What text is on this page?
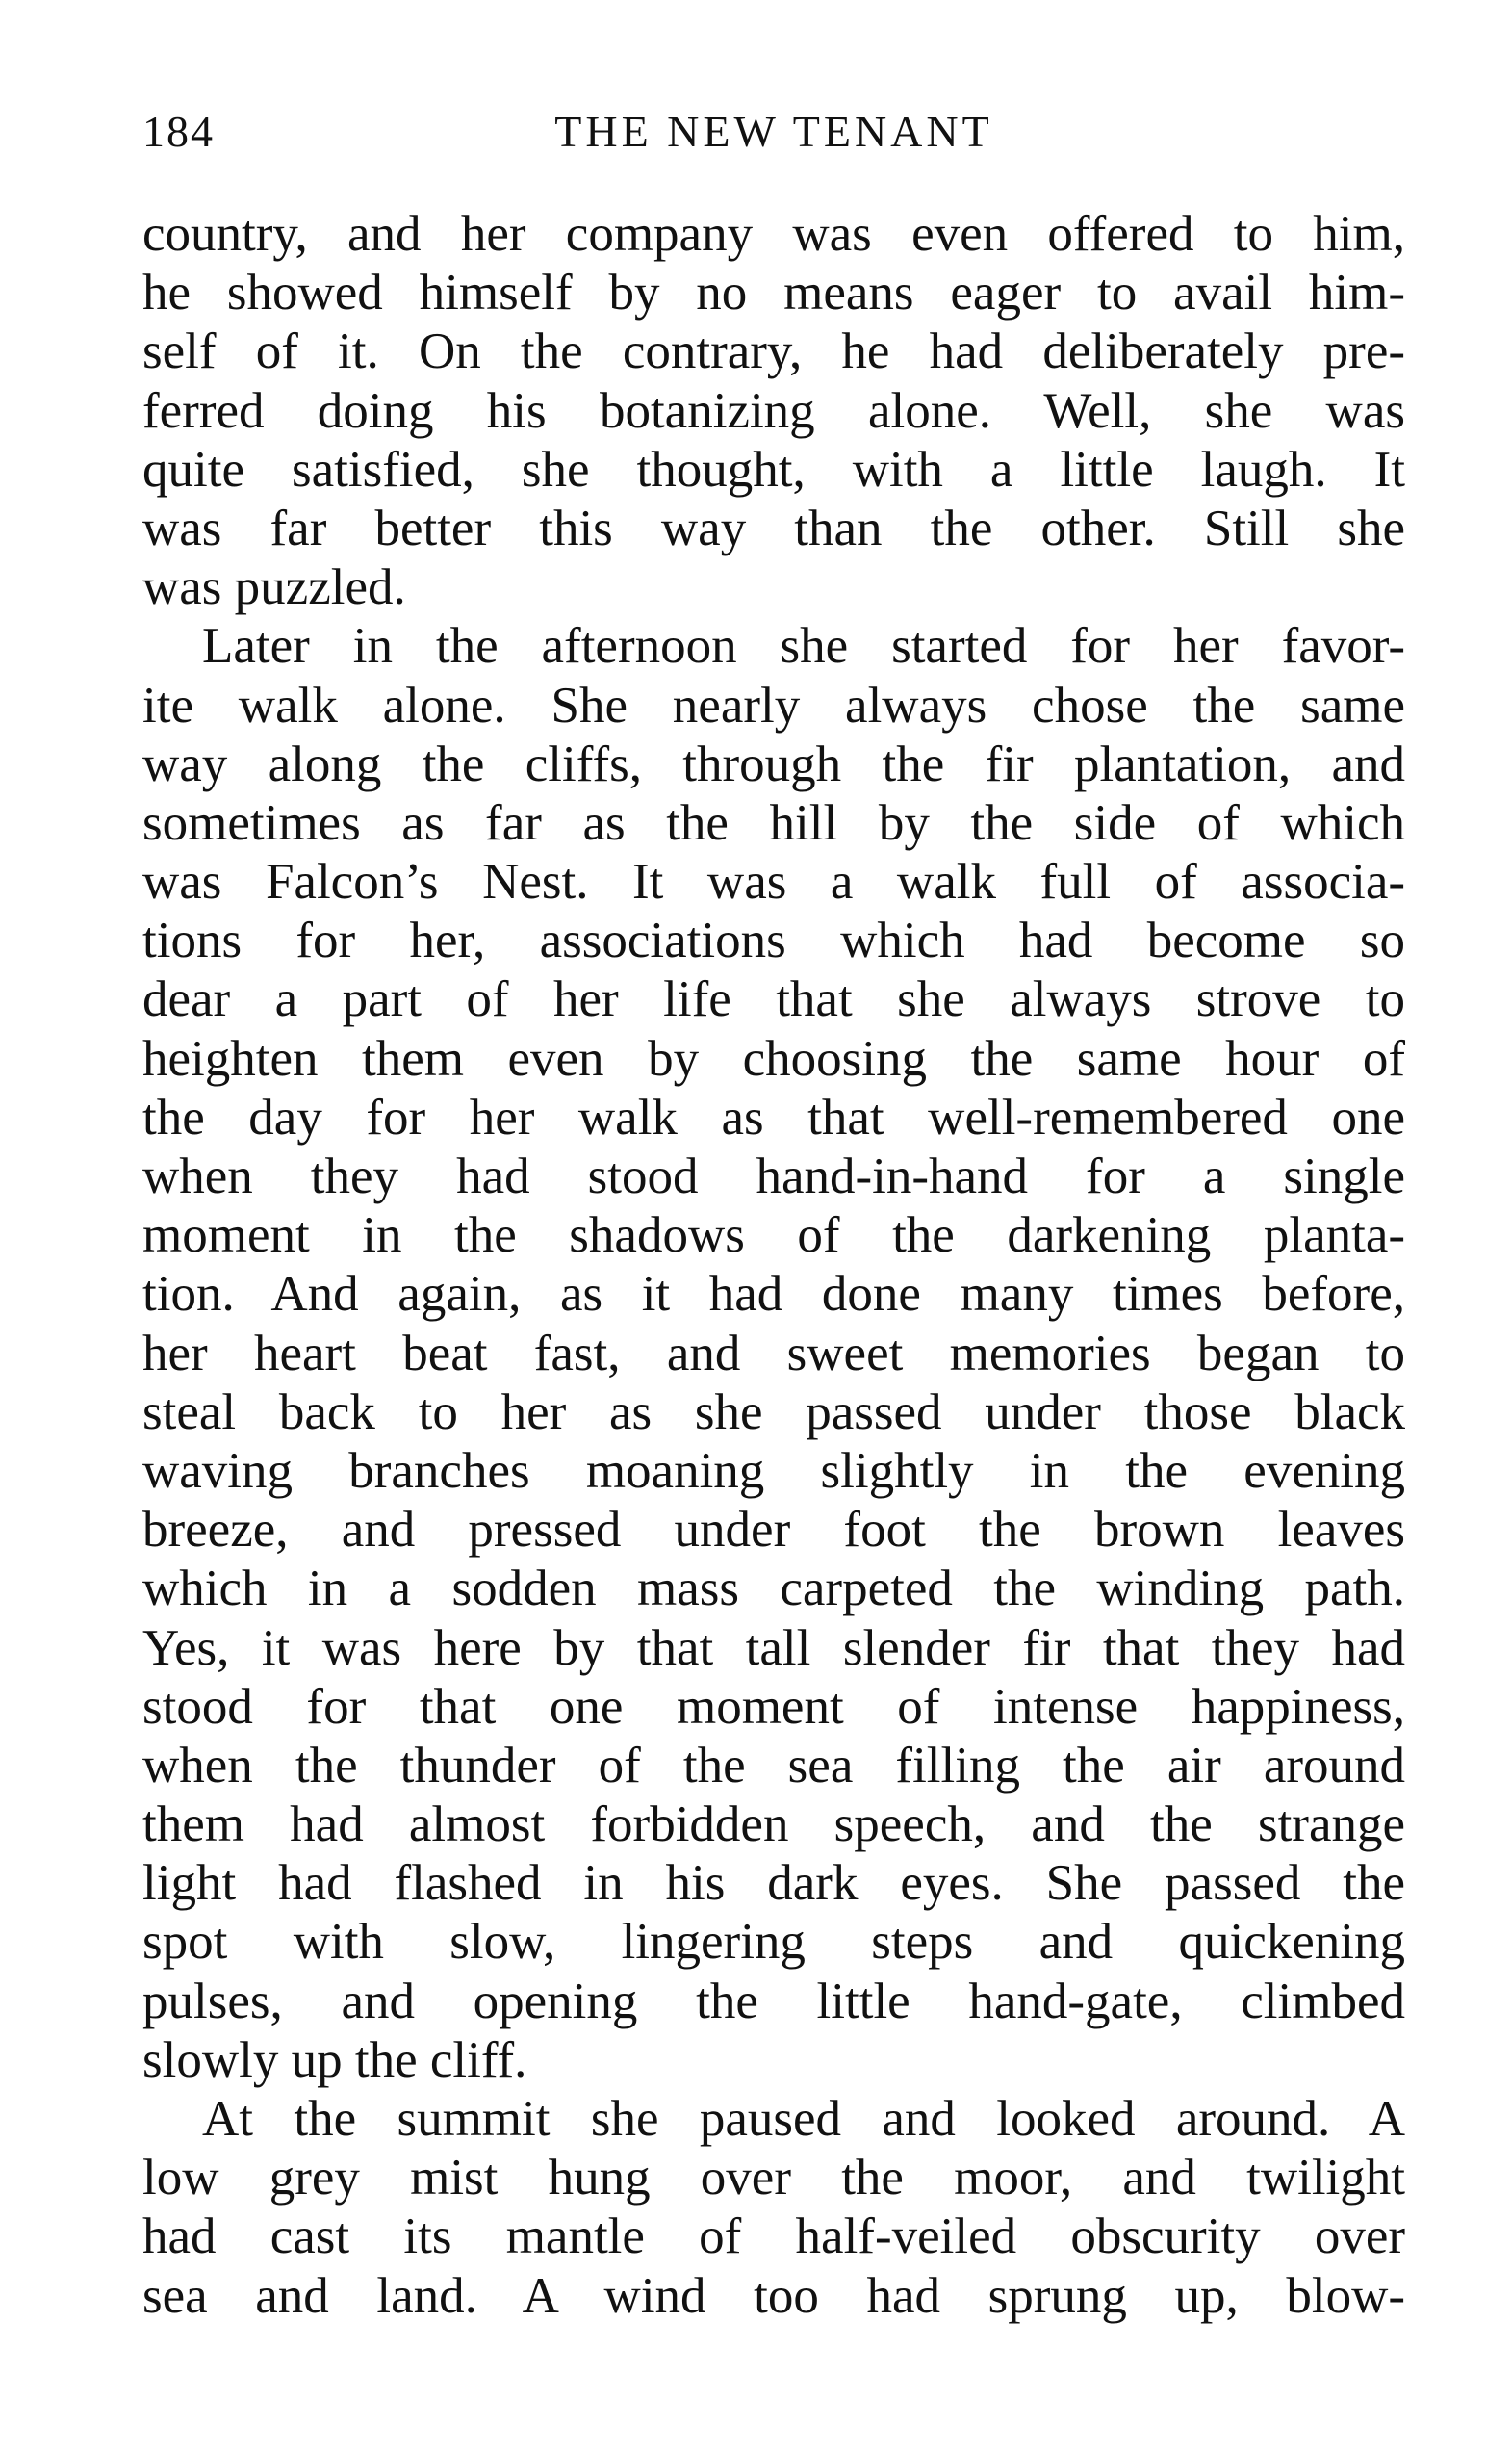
184	THE NEW TENANT
country, and her company was even offered to him,
he showed himself by no means eager to avail him-
self of it. On the contrary, he had deliberately pre-
ferred doing his botanizing alone. Well, she was
quite satisfied, she thought, with a little laugh. It
was far better this way than the other. Still she
was puzzled.
Later in the afternoon she started for her favor-
ite walk alone. She nearly always chose the same
way along the cliffs, through the fir plantation, and
sometimes as far as the hill by the side of which
was Falcon’s Nest. It was a walk full of associa-
tions for her, associations which had become so
dear a part of her life that she always strove to
heighten them even by choosing the same hour of
the day for her walk as that well-remembered one
when they had stood hand-in-hand for a single
moment in the shadows of the darkening planta-
tion. And again, as it had done many times before,
her heart beat fast, and sweet memories began to
steal back to her as she passed under those black
waving branches moaning slightly in the evening
breeze, and pressed under foot the brown leaves
which in a sodden mass carpeted the winding path.
Yes, it was here by that tall slender fir that they had
stood for that one moment of intense happiness,
when the thunder of the sea filling the air around
them had almost forbidden speech, and the strange
light had flashed in his dark eyes. She passed the
spot with slow, lingering steps and quickening
pulses, and opening the little hand-gate, climbed
slowly up the cliff.
At the summit she paused and looked around. A
low grey mist hung over the moor, and twilight
had cast its mantle of half-veiled obscurity over
sea and land. A wind too had sprung up, blow-
